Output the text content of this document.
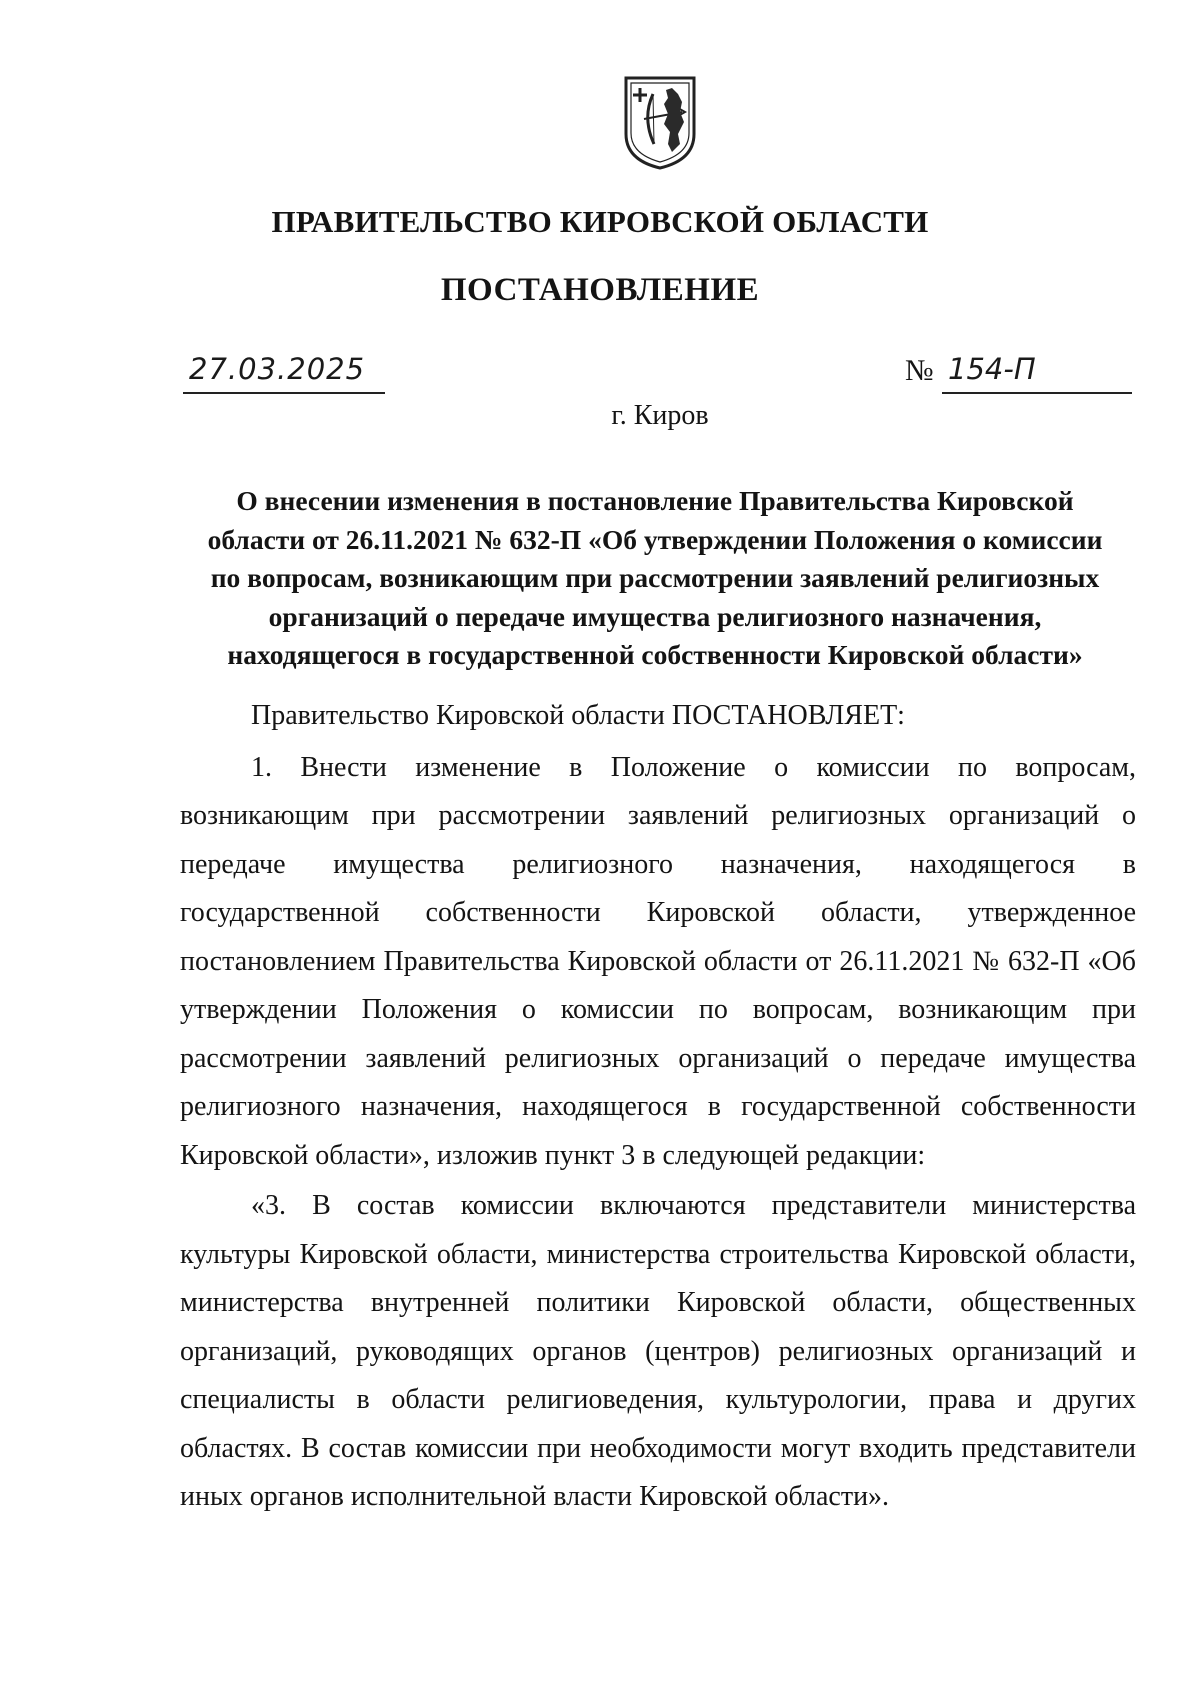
ПРАВИТЕЛЬСТВО КИРОВСКОЙ ОБЛАСТИ
ПОСТАНОВЛЕНИЕ
27.03.2025	№ 154-П
г. Киров
О внесении изменения в постановление Правительства Кировской
области от 26.11.2021 № 632-П «Об утверждении Положения о комиссии
по вопросам, возникающим при рассмотрении заявлений религиозных
организаций о передаче имущества религиозного назначения,
находящегося в государственной собственности Кировской области»

Правительство Кировской области ПОСТАНОВЛЯЕТ:

1. Внести изменение в Положение о комиссии по вопросам, возникающим при рассмотрении заявлений религиозных организаций о передаче имущества религиозного назначения, находящегося в государственной собственности Кировской области, утвержденное постановлением Правительства Кировской области от 26.11.2021 № 632-П «Об утверждении Положения о комиссии по вопросам, возникающим при рассмотрении заявлений религиозных организаций о передаче имущества религиозного назначения, находящегося в государственной собственности Кировской области», изложив пункт 3 в следующей редакции:

«3. В состав комиссии включаются представители министерства культуры Кировской области, министерства строительства Кировской области, министерства внутренней политики Кировской области, общественных организаций, руководящих органов (центров) религиозных организаций и специалисты в области религиоведения, культурологии, права и других областях. В состав комиссии при необходимости могут входить представители иных органов исполнительной власти Кировской области».
